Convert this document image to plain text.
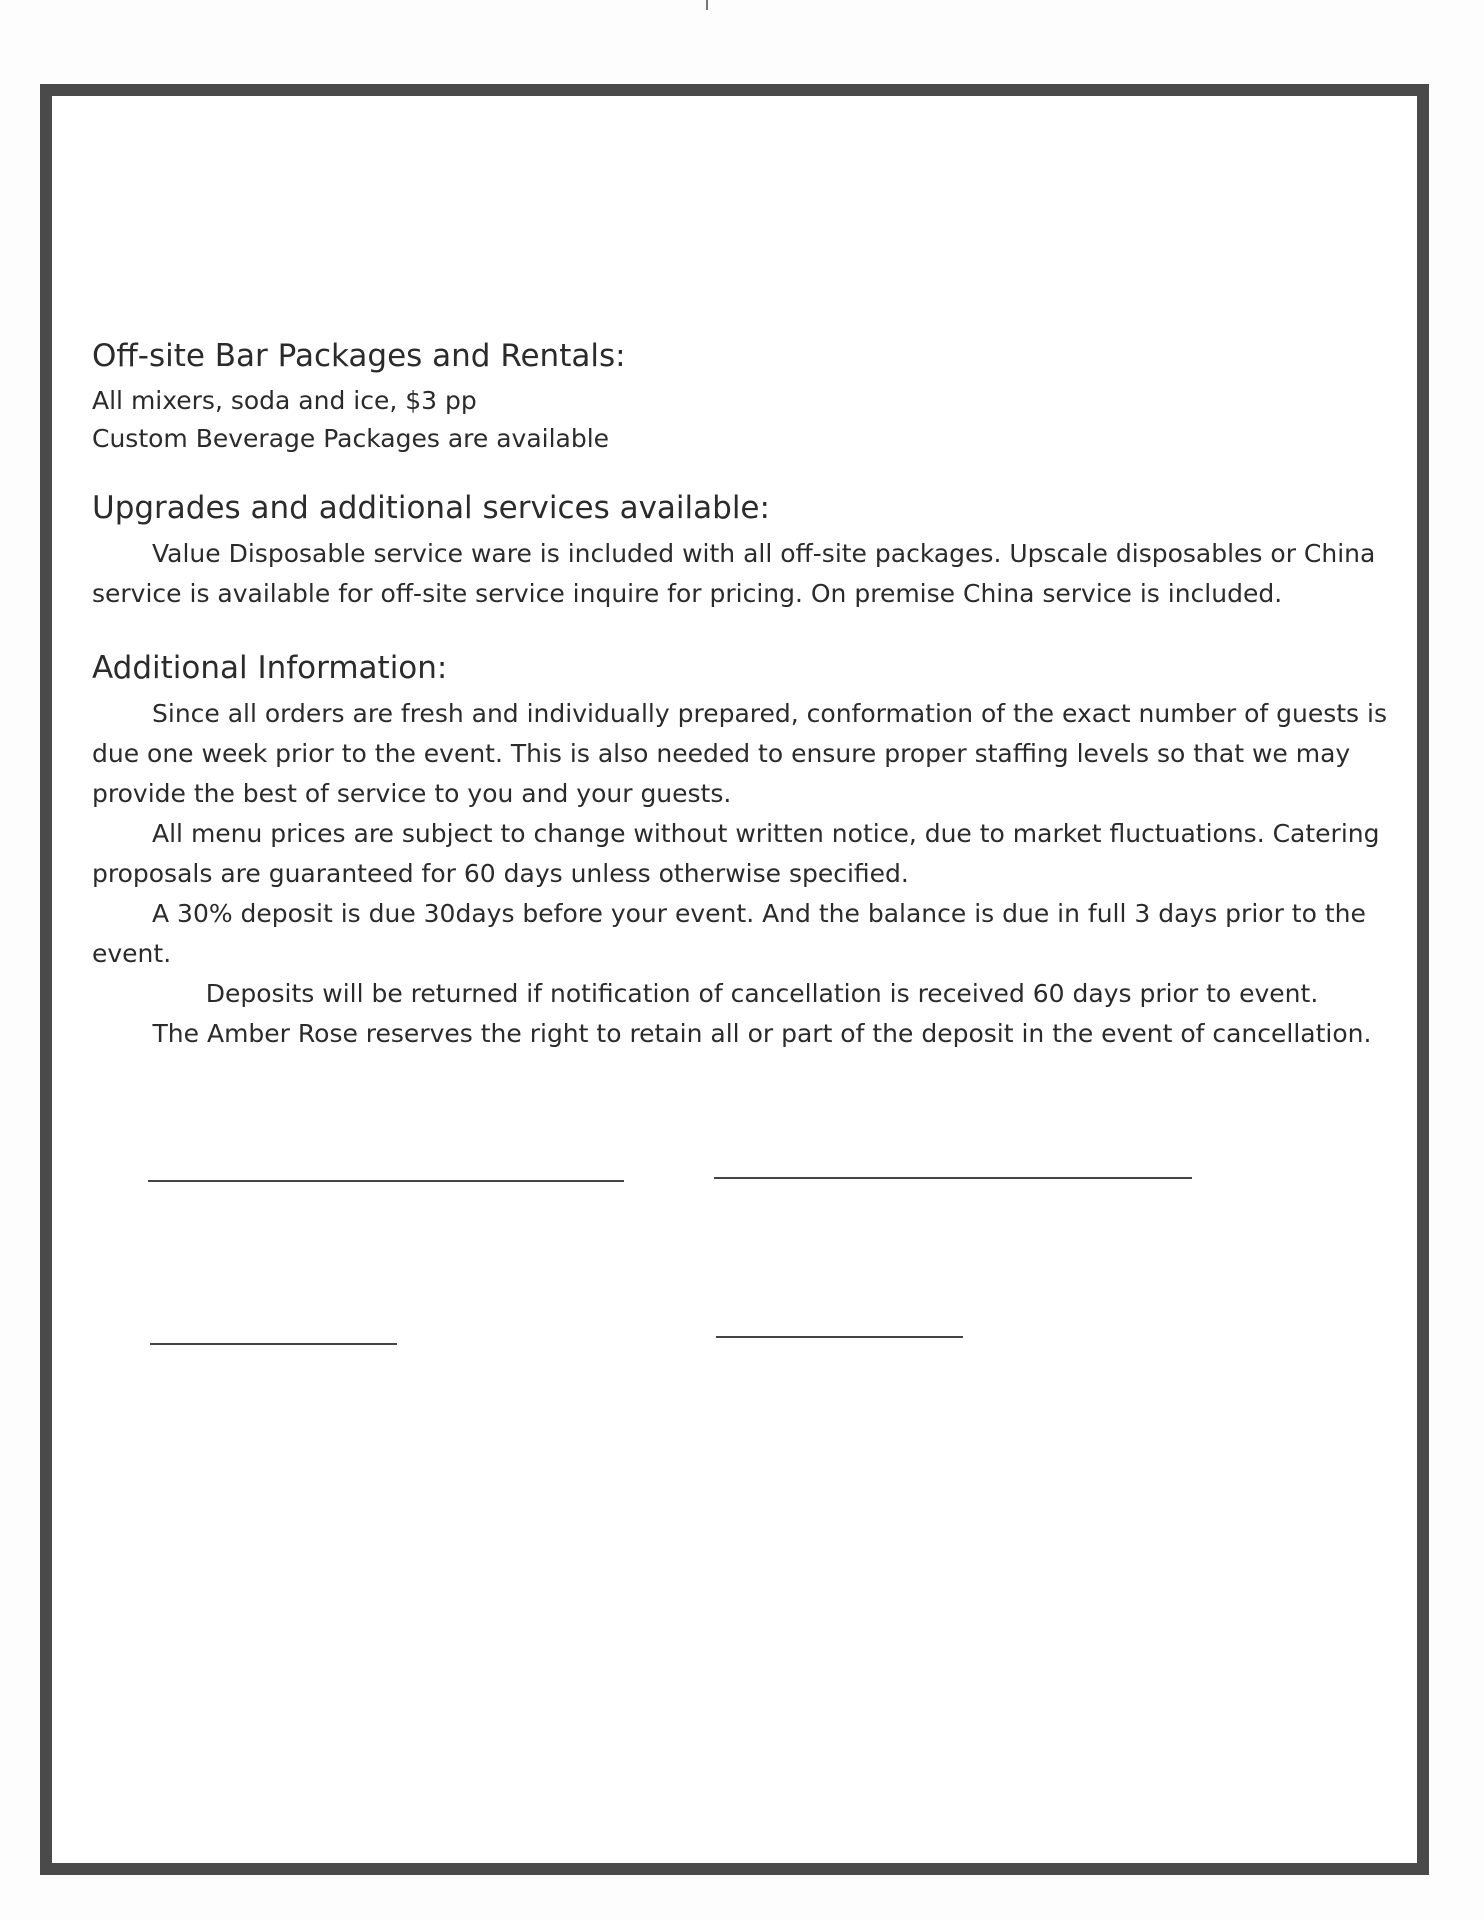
Off-site Bar Packages and Rentals:

All mixers, soda and ice, $3 pp

Custom Beverage Packages are available

Upgrades and additional services available:

Value Disposable service ware is included with all off-site packages. Upscale disposables or China service is available for off-site service inquire for pricing. On premise China service is included.

Additional Information:

Since all orders are fresh and individually prepared, conformation of the exact number of guests is due one week prior to the event. This is also needed to ensure proper staffing levels so that we may provide the best of service to you and your guests.

All menu prices are subject to change without written notice, due to market fluctuations. Catering proposals are guaranteed for 60 days unless otherwise specified.

A 30% deposit is due 30days before your event. And the balance is due in full 3 days prior to the event.

Deposits will be returned if notification of cancellation is received 60 days prior to event.

The Amber Rose reserves the right to retain all or part of the deposit in the event of cancellation.
